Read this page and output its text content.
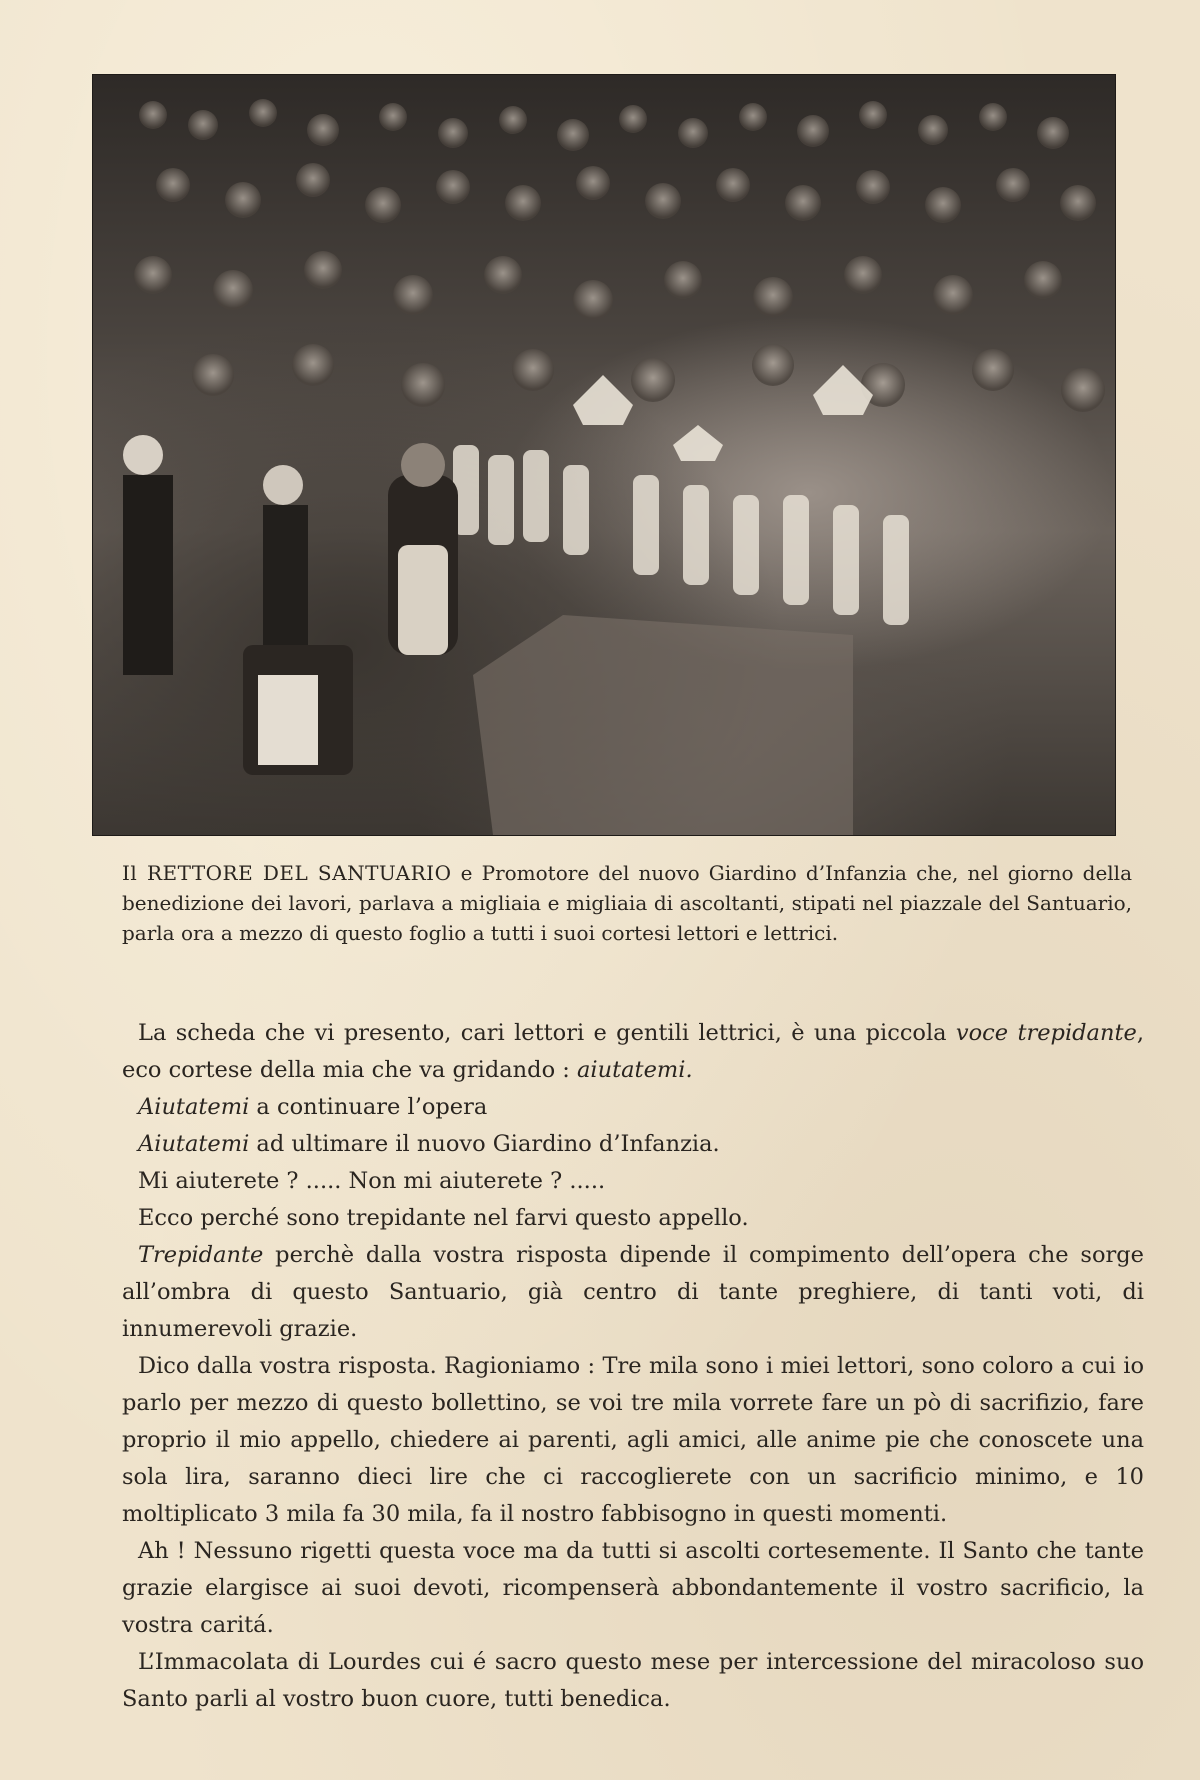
Il RETTORE DEL SANTUARIO e Promotore del nuovo Giardino d’Infanzia che, nel giorno della benedizione dei lavori, parlava a migliaia e migliaia di ascoltanti, stipati nel piazzale del Santuario, parla ora a mezzo di questo foglio a tutti i suoi cortesi lettori e lettrici.

La scheda che vi presento, cari lettori e gentili lettrici, è una piccola voce trepidante, eco cortese della mia che va gridando : aiutatemi.

Aiutatemi a continuare l’opera

Aiutatemi ad ultimare il nuovo Giardino d’Infanzia.

Mi aiuterete ? ..... Non mi aiuterete ? .....

Ecco perché sono trepidante nel farvi questo appello.

Trepidante perchè dalla vostra risposta dipende il compimento dell’opera che sorge all’ombra di questo Santuario, già centro di tante preghiere, di tanti voti, di innumerevoli grazie.

Dico dalla vostra risposta. Ragioniamo : Tre mila sono i miei lettori, sono coloro a cui io parlo per mezzo di questo bollettino, se voi tre mila vorrete fare un pò di sacrifizio, fare proprio il mio appello, chiedere ai parenti, agli amici, alle anime pie che conoscete una sola lira, saranno dieci lire che ci raccoglierete con un sacrificio minimo, e 10 moltiplicato 3 mila fa 30 mila, fa il nostro fabbisogno in questi momenti.

Ah ! Nessuno rigetti questa voce ma da tutti si ascolti cortesemente. Il Santo che tante grazie elargisce ai suoi devoti, ricompenserà abbondantemente il vostro sacrificio, la vostra caritá.

L’Immacolata di Lourdes cui é sacro questo mese per intercessione del miracoloso suo Santo parli al vostro buon cuore, tutti benedica.
